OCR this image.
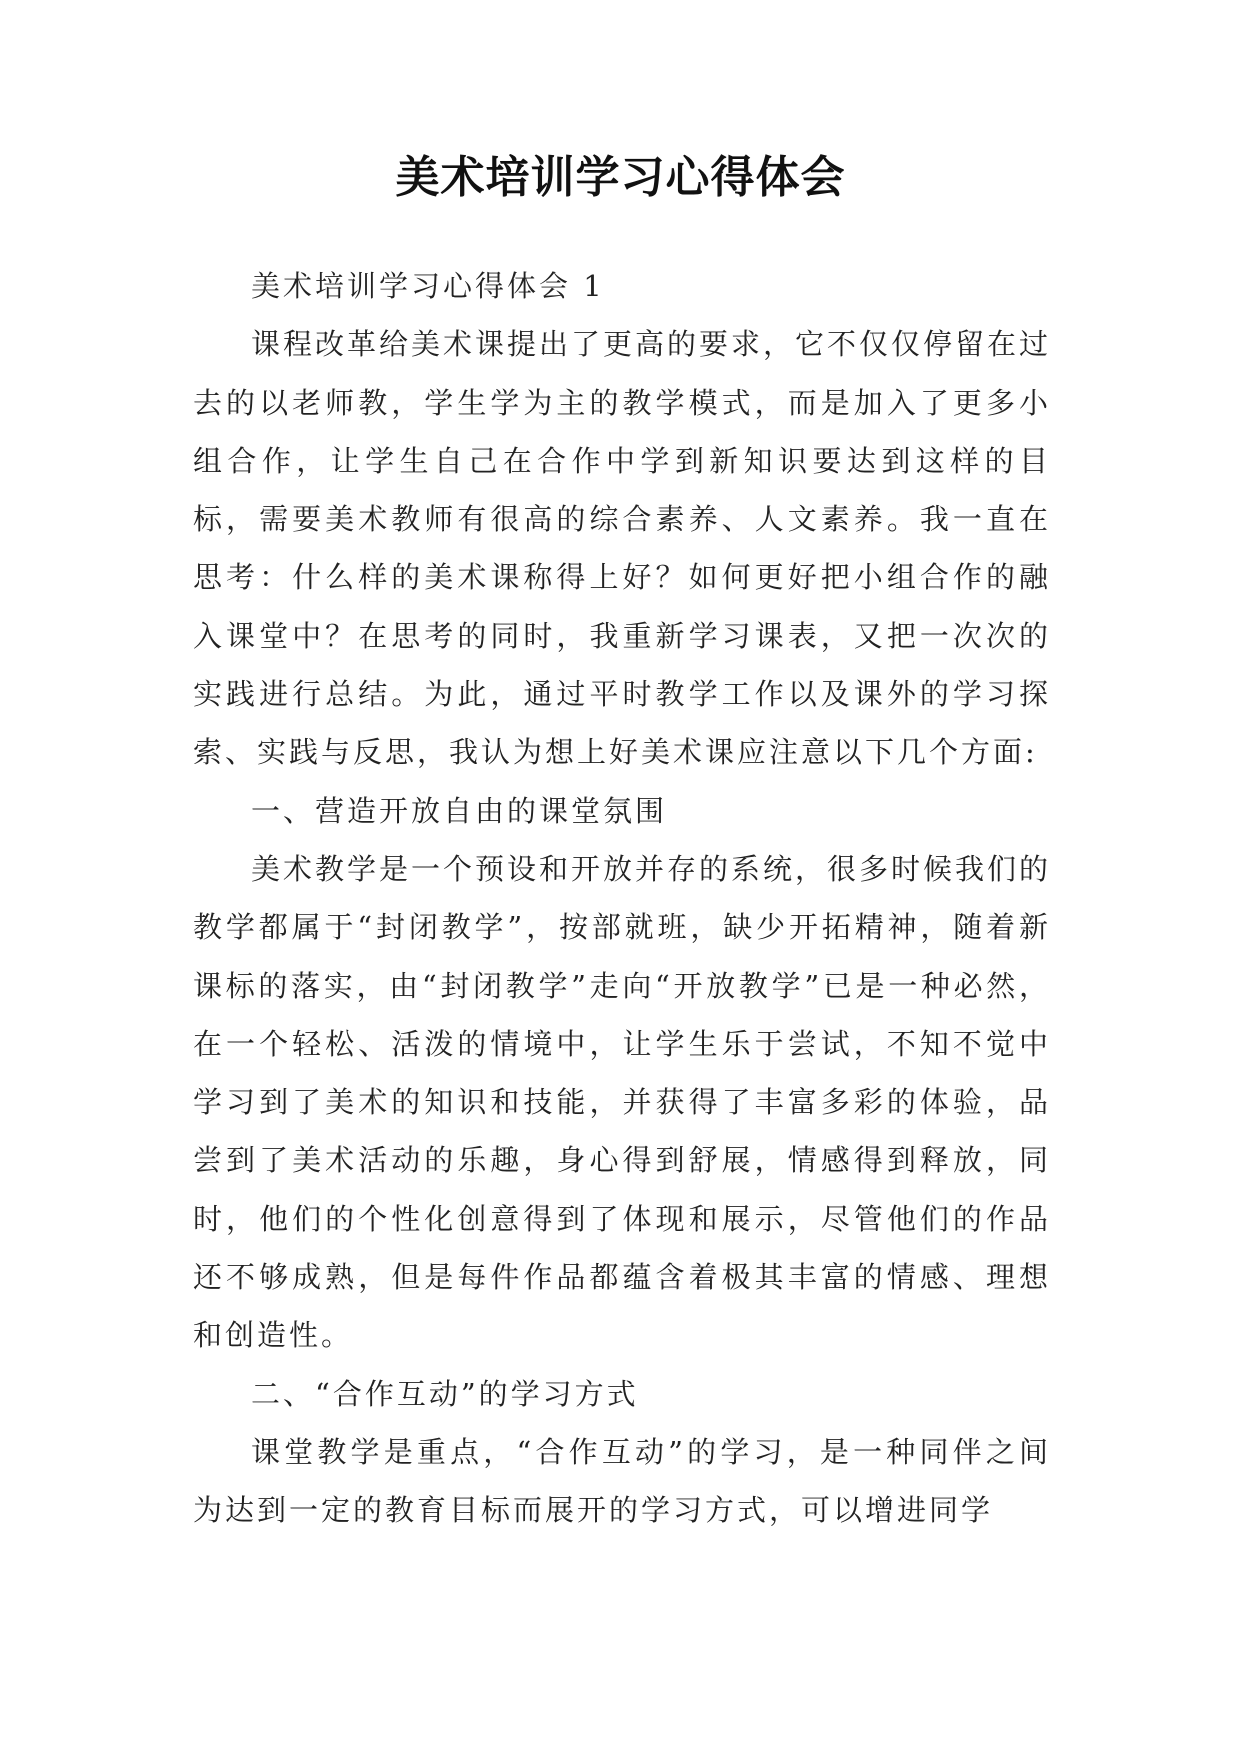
美术培训学习心得体会

美术培训学习心得体会 1

课程改革给美术课提出了更高的要求，它不仅仅停留在过去的以老师教，学生学为主的教学模式，而是加入了更多小组合作，让学生自己在合作中学到新知识要达到这样的目标，需要美术教师有很高的综合素养、人文素养。我一直在思考：什么样的美术课称得上好？如何更好把小组合作的融入课堂中？在思考的同时，我重新学习课表，又把一次次的实践进行总结。为此，通过平时教学工作以及课外的学习探索、实践与反思，我认为想上好美术课应注意以下几个方面:

一、营造开放自由的课堂氛围

美术教学是一个预设和开放并存的系统，很多时候我们的教学都属于“封闭教学”，按部就班，缺少开拓精神，随着新课标的落实，由“封闭教学”走向“开放教学”已是一种必然，在一个轻松、活泼的情境中，让学生乐于尝试，不知不觉中学习到了美术的知识和技能，并获得了丰富多彩的体验，品尝到了美术活动的乐趣，身心得到舒展，情感得到释放，同时，他们的个性化创意得到了体现和展示，尽管他们的作品还不够成熟，但是每件作品都蕴含着极其丰富的情感、理想和创造性。

二、“合作互动”的学习方式

课堂教学是重点，“合作互动”的学习，是一种同伴之间为达到一定的教育目标而展开的学习方式，可以增进同学
